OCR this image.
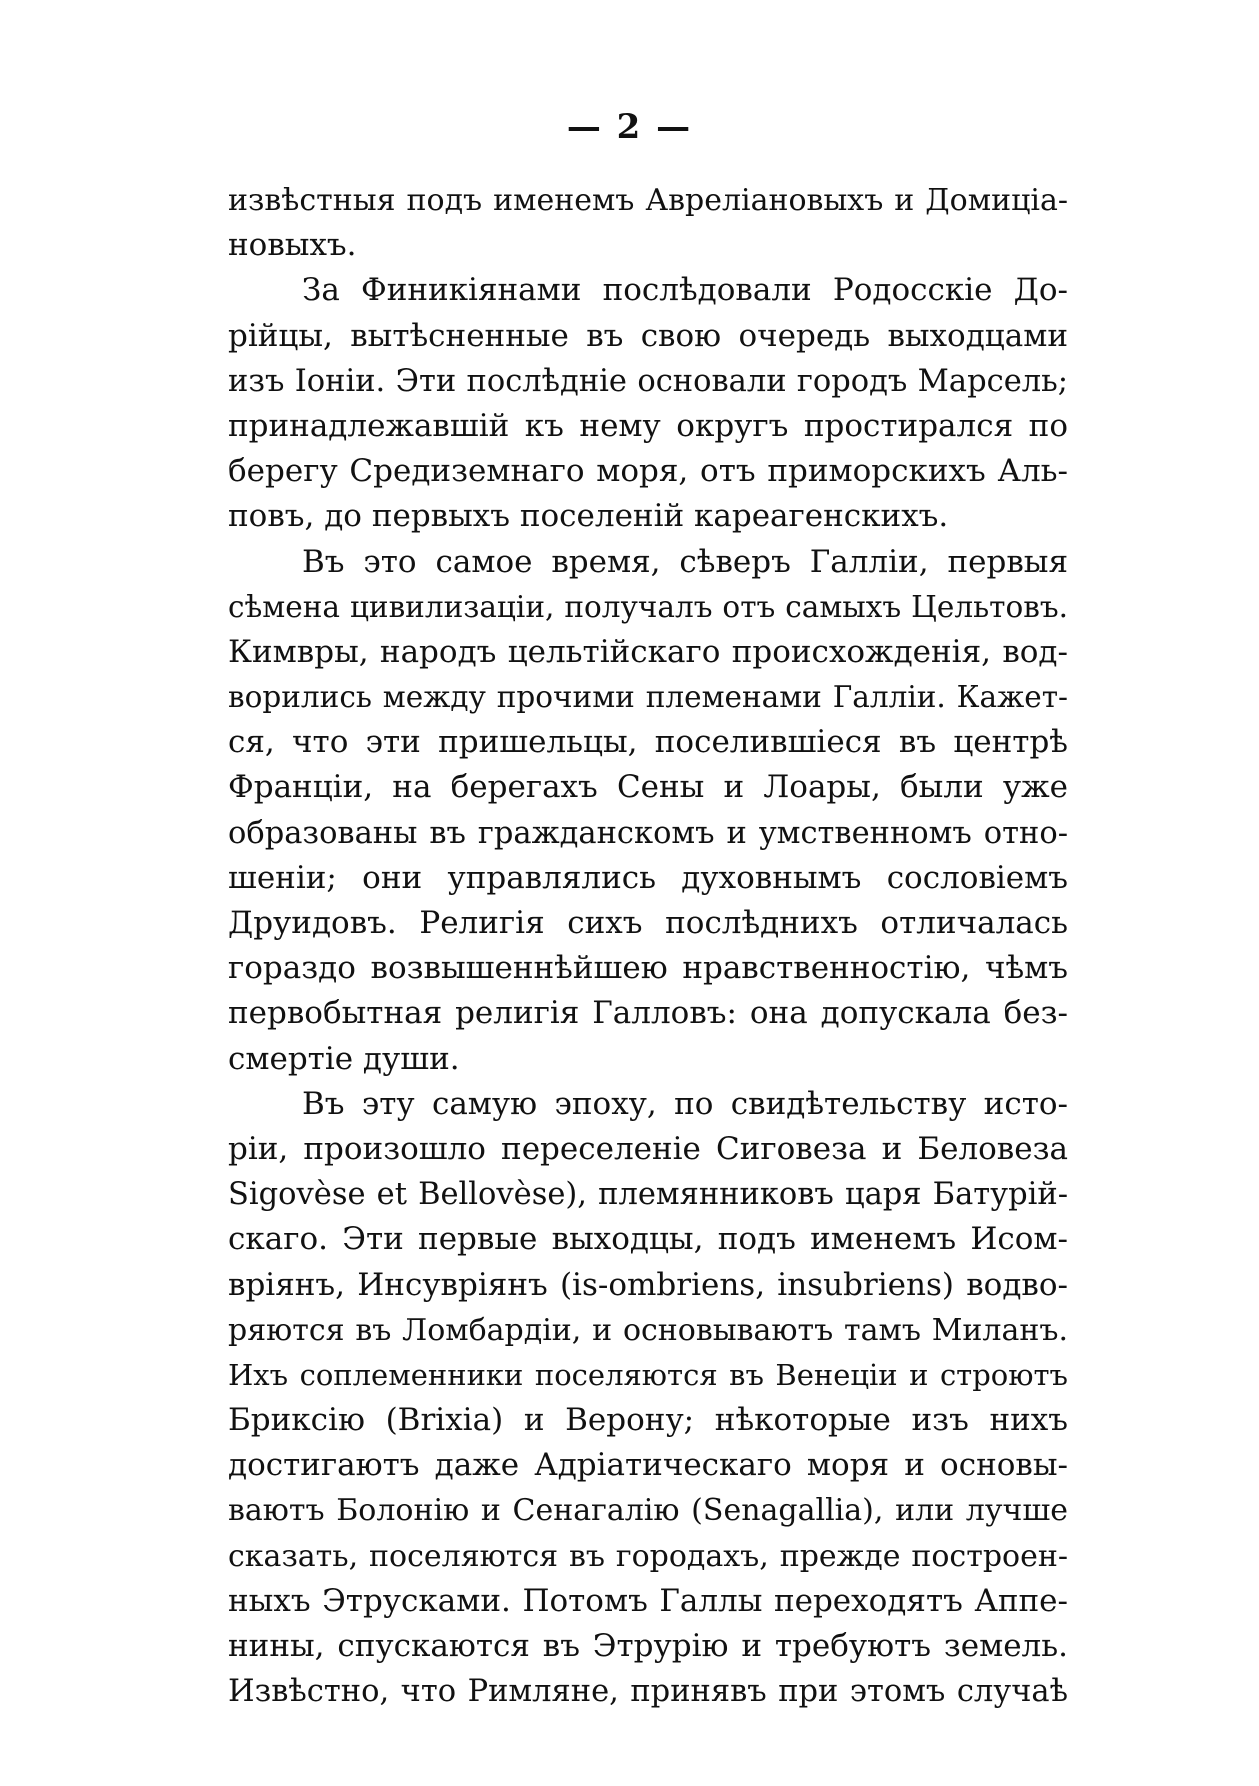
— 2 —
извѣстныя подъ именемъ Авреліановыхъ и Домиціа-
новыхъ.
За Финикіянами послѣдовали Родосскіе До-
рійцы, вытѣсненные въ свою очередь выходцами
изъ Іоніи. Эти послѣдніе основали городъ Марсель;
принадлежавшій къ нему округъ простирался по
берегу Средиземнаго моря, отъ приморскихъ Аль-
повъ, до первыхъ поселеній кареагенскихъ.
Въ это самое время, сѣверъ Галліи, первыя
сѣмена цивилизаціи, получалъ отъ самыхъ Цельтовъ.
Кимвры, народъ цельтійскаго происхожденія, вод-
ворились между прочими племенами Галліи. Кажет-
ся, что эти пришельцы, поселившіеся въ центрѣ
Франціи, на берегахъ Сены и Лоары, были уже
образованы въ гражданскомъ и умственномъ отно-
шеніи; они управлялись духовнымъ сословіемъ
Друидовъ. Религія сихъ послѣднихъ отличалась
гораздо возвышеннѣйшею нравственностію, чѣмъ
первобытная религія Галловъ: она допускала без-
смертіе души.
Въ эту самую эпоху, по свидѣтельству исто-
ріи, произошло переселеніе Сиговеза и Беловеза
Sigovèse et Bellovèse), племянниковъ царя Батурій-
скаго. Эти первые выходцы, подъ именемъ Исом-
вріянъ, Инсувріянъ (is-ombriens, insubriens) водво-
ряются въ Ломбардіи, и основываютъ тамъ Миланъ.
Ихъ соплеменники поселяются въ Венеціи и строютъ
Брикcію (Brixia) и Верону; нѣкоторые изъ нихъ
достигаютъ даже Адріатическаго моря и основы-
ваютъ Болонію и Сенагалію (Senagallia), или лучше
сказать, поселяются въ городахъ, прежде построен-
ныхъ Этрусками. Потомъ Галлы переходятъ Аппе-
нины, спускаются въ Этрурію и требуютъ земель.
Извѣстно, что Римляне, принявъ при этомъ случаѣ
